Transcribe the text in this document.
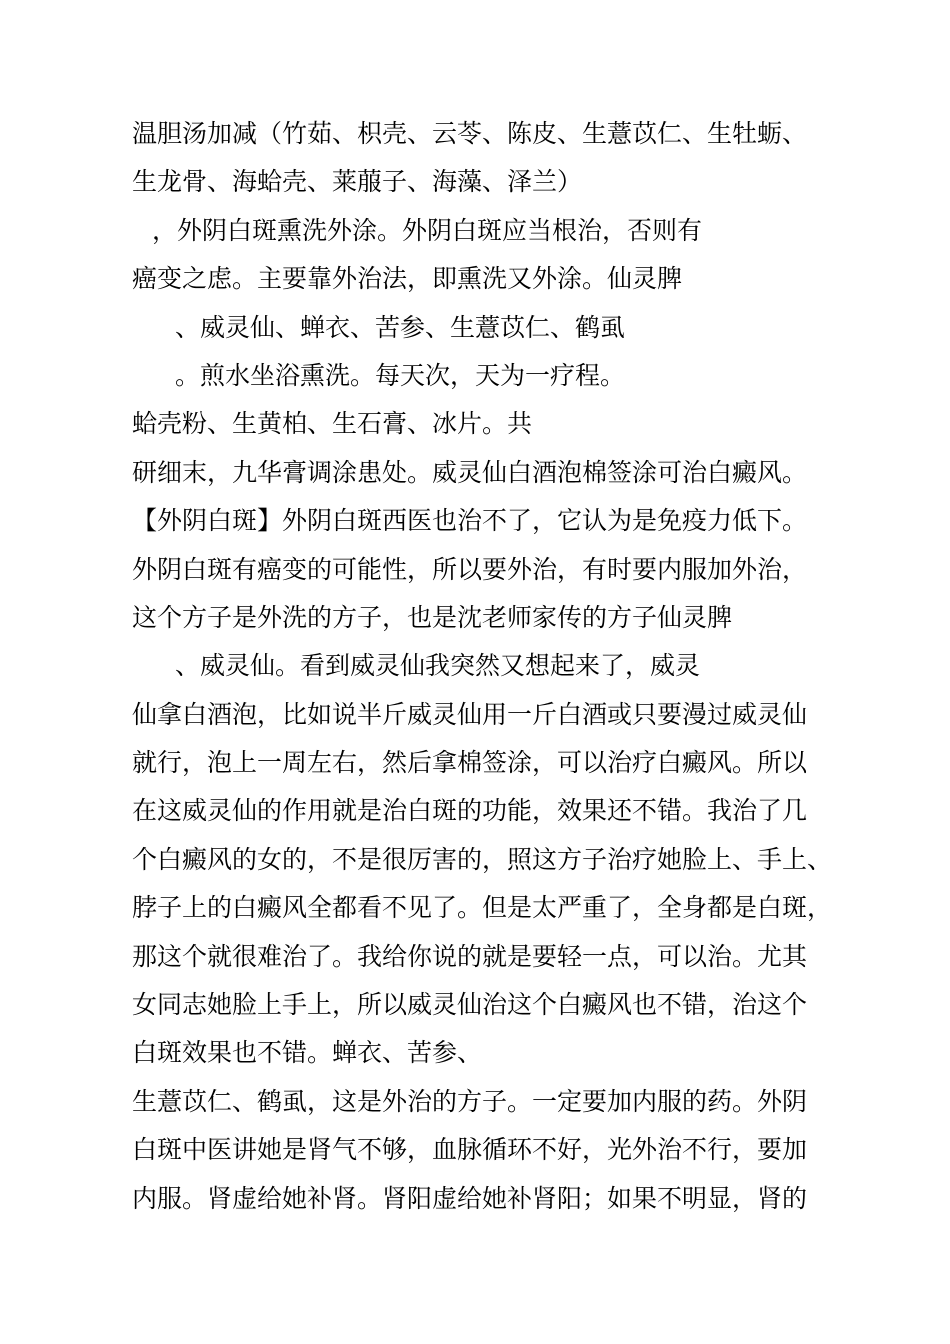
温胆汤加减（竹茹、枳壳、云苓、陈皮、生薏苡仁、生牡蛎、
生龙骨、海蛤壳、莱菔子、海藻、泽兰）
，外阴白斑熏洗外涂。外阴白斑应当根治，否则有
癌变之虑。主要靠外治法，即熏洗又外涂。仙灵脾
、威灵仙、蝉衣、苦参、生薏苡仁、鹤虱
。煎水坐浴熏洗。每天次，天为一疗程。
蛤壳粉、生黄柏、生石膏、冰片。共
研细末，九华膏调涂患处。威灵仙白酒泡棉签涂可治白癜风。
【外阴白斑】外阴白斑西医也治不了，它认为是免疫力低下。
外阴白斑有癌变的可能性，所以要外治，有时要内服加外治，
这个方子是外洗的方子，也是沈老师家传的方子仙灵脾
、威灵仙。看到威灵仙我突然又想起来了，威灵
仙拿白酒泡，比如说半斤威灵仙用一斤白酒或只要漫过威灵仙
就行，泡上一周左右，然后拿棉签涂，可以治疗白癜风。所以
在这威灵仙的作用就是治白斑的功能，效果还不错。我治了几
个白癜风的女的，不是很厉害的，照这方子治疗她脸上、手上、
脖子上的白癜风全都看不见了。但是太严重了，全身都是白斑，
那这个就很难治了。我给你说的就是要轻一点，可以治。尤其
女同志她脸上手上，所以威灵仙治这个白癜风也不错，治这个
白斑效果也不错。蝉衣、苦参、
生薏苡仁、鹤虱，这是外治的方子。一定要加内服的药。外阴
白斑中医讲她是肾气不够，血脉循环不好，光外治不行，要加
内服。肾虚给她补肾。肾阳虚给她补肾阳；如果不明显，肾的
